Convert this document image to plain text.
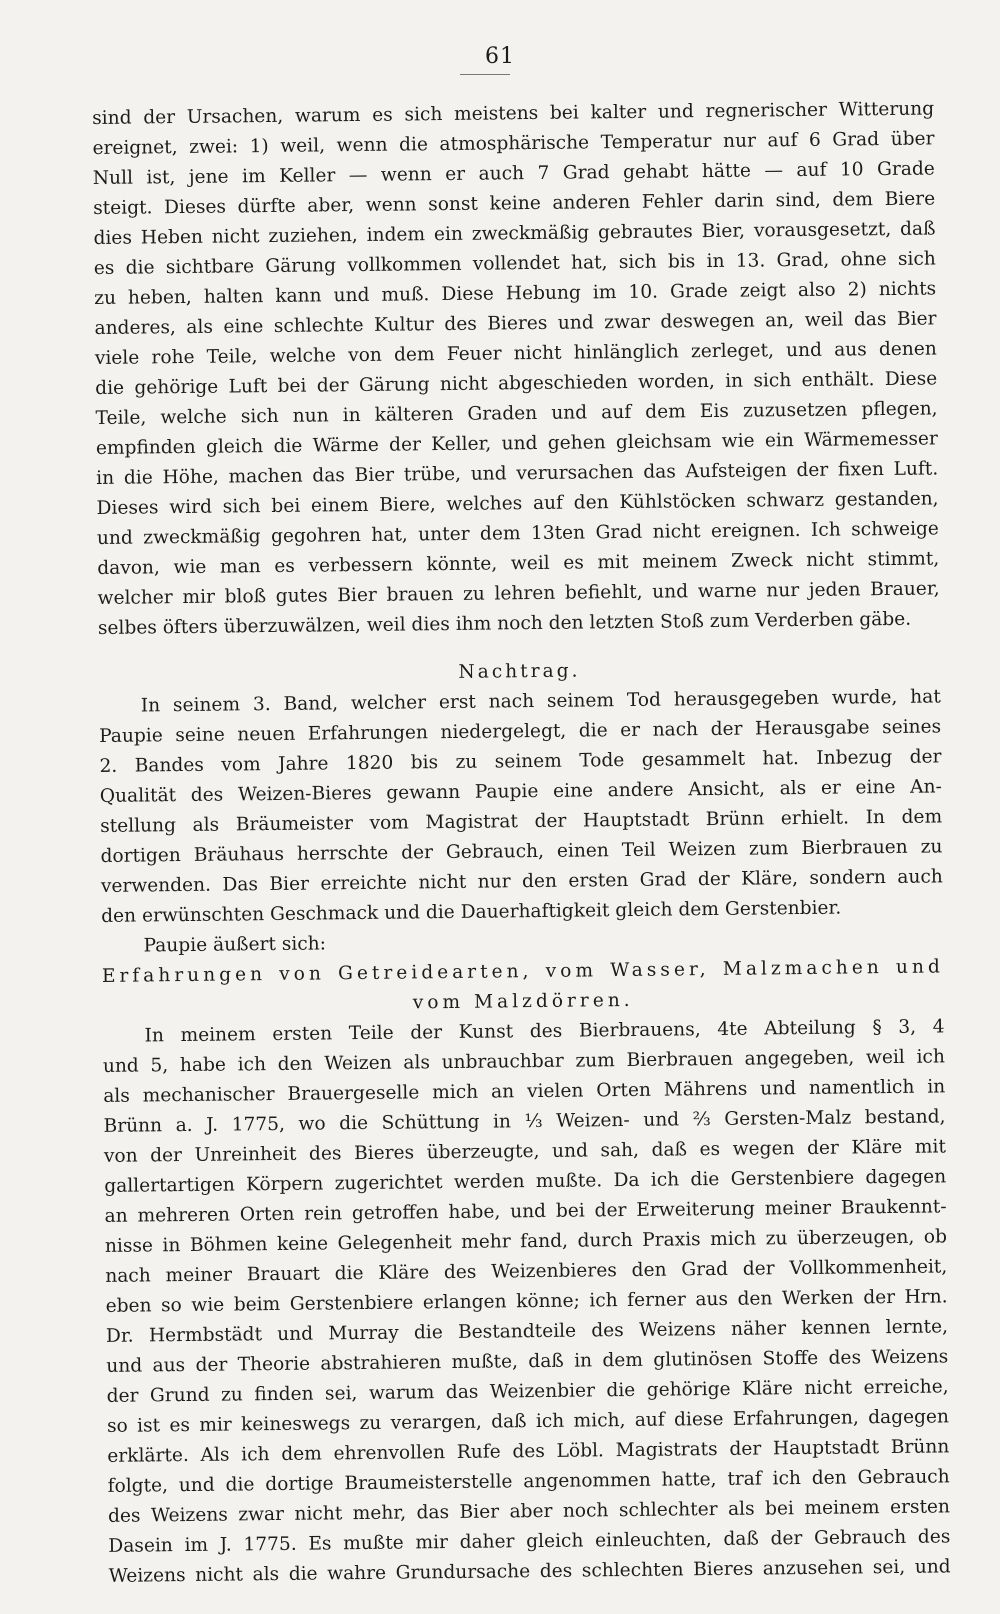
61
sind der Ursachen, warum es sich meistens bei kalter und regnerischer Witterung
ereignet, zwei: 1) weil, wenn die atmosphärische Temperatur nur auf 6 Grad über
Null ist, jene im Keller — wenn er auch 7 Grad gehabt hätte — auf 10 Grade
steigt. Dieses dürfte aber, wenn sonst keine anderen Fehler darin sind, dem Biere
dies Heben nicht zuziehen, indem ein zweckmäßig gebrautes Bier, vorausgesetzt, daß
es die sichtbare Gärung vollkommen vollendet hat, sich bis in 13. Grad, ohne sich
zu heben, halten kann und muß. Diese Hebung im 10. Grade zeigt also 2) nichts
anderes, als eine schlechte Kultur des Bieres und zwar deswegen an, weil das Bier
viele rohe Teile, welche von dem Feuer nicht hinlänglich zerleget, und aus denen
die gehörige Luft bei der Gärung nicht abgeschieden worden, in sich enthält. Diese
Teile, welche sich nun in kälteren Graden und auf dem Eis zuzusetzen pflegen,
empfinden gleich die Wärme der Keller, und gehen gleichsam wie ein Wärmemesser
in die Höhe, machen das Bier trübe, und verursachen das Aufsteigen der fixen Luft.
Dieses wird sich bei einem Biere, welches auf den Kühlstöcken schwarz gestanden,
und zweckmäßig gegohren hat, unter dem 13ten Grad nicht ereignen. Ich schweige
davon, wie man es verbessern könnte, weil es mit meinem Zweck nicht stimmt,
welcher mir bloß gutes Bier brauen zu lehren befiehlt, und warne nur jeden Brauer,
selbes öfters überzuwälzen, weil dies ihm noch den letzten Stoß zum Verderben gäbe.
Nachtrag.
In seinem 3. Band, welcher erst nach seinem Tod herausgegeben wurde, hat
Paupie seine neuen Erfahrungen niedergelegt, die er nach der Herausgabe seines
2. Bandes vom Jahre 1820 bis zu seinem Tode gesammelt hat. Inbezug der
Qualität des Weizen-Bieres gewann Paupie eine andere Ansicht, als er eine An-
stellung als Bräumeister vom Magistrat der Hauptstadt Brünn erhielt. In dem
dortigen Bräuhaus herrschte der Gebrauch, einen Teil Weizen zum Bierbrauen zu
verwenden. Das Bier erreichte nicht nur den ersten Grad der Kläre, sondern auch
den erwünschten Geschmack und die Dauerhaftigkeit gleich dem Gerstenbier.
Paupie äußert sich:
Erfahrungen von Getreidearten, vom Wasser, Malzmachen und
vom Malzdörren.
In meinem ersten Teile der Kunst des Bierbrauens, 4te Abteilung § 3, 4
und 5, habe ich den Weizen als unbrauchbar zum Bierbrauen angegeben, weil ich
als mechanischer Brauergeselle mich an vielen Orten Mährens und namentlich in
Brünn a. J. 1775, wo die Schüttung in ⅓ Weizen- und ⅔ Gersten-Malz bestand,
von der Unreinheit des Bieres überzeugte, und sah, daß es wegen der Kläre mit
gallertartigen Körpern zugerichtet werden mußte. Da ich die Gerstenbiere dagegen
an mehreren Orten rein getroffen habe, und bei der Erweiterung meiner Braukennt-
nisse in Böhmen keine Gelegenheit mehr fand, durch Praxis mich zu überzeugen, ob
nach meiner Brauart die Kläre des Weizenbieres den Grad der Vollkommenheit,
eben so wie beim Gerstenbiere erlangen könne; ich ferner aus den Werken der Hrn.
Dr. Hermbstädt und Murray die Bestandteile des Weizens näher kennen lernte,
und aus der Theorie abstrahieren mußte, daß in dem glutinösen Stoffe des Weizens
der Grund zu finden sei, warum das Weizenbier die gehörige Kläre nicht erreiche,
so ist es mir keineswegs zu verargen, daß ich mich, auf diese Erfahrungen, dagegen
erklärte. Als ich dem ehrenvollen Rufe des Löbl. Magistrats der Hauptstadt Brünn
folgte, und die dortige Braumeisterstelle angenommen hatte, traf ich den Gebrauch
des Weizens zwar nicht mehr, das Bier aber noch schlechter als bei meinem ersten
Dasein im J. 1775. Es mußte mir daher gleich einleuchten, daß der Gebrauch des
Weizens nicht als die wahre Grundursache des schlechten Bieres anzusehen sei, und
